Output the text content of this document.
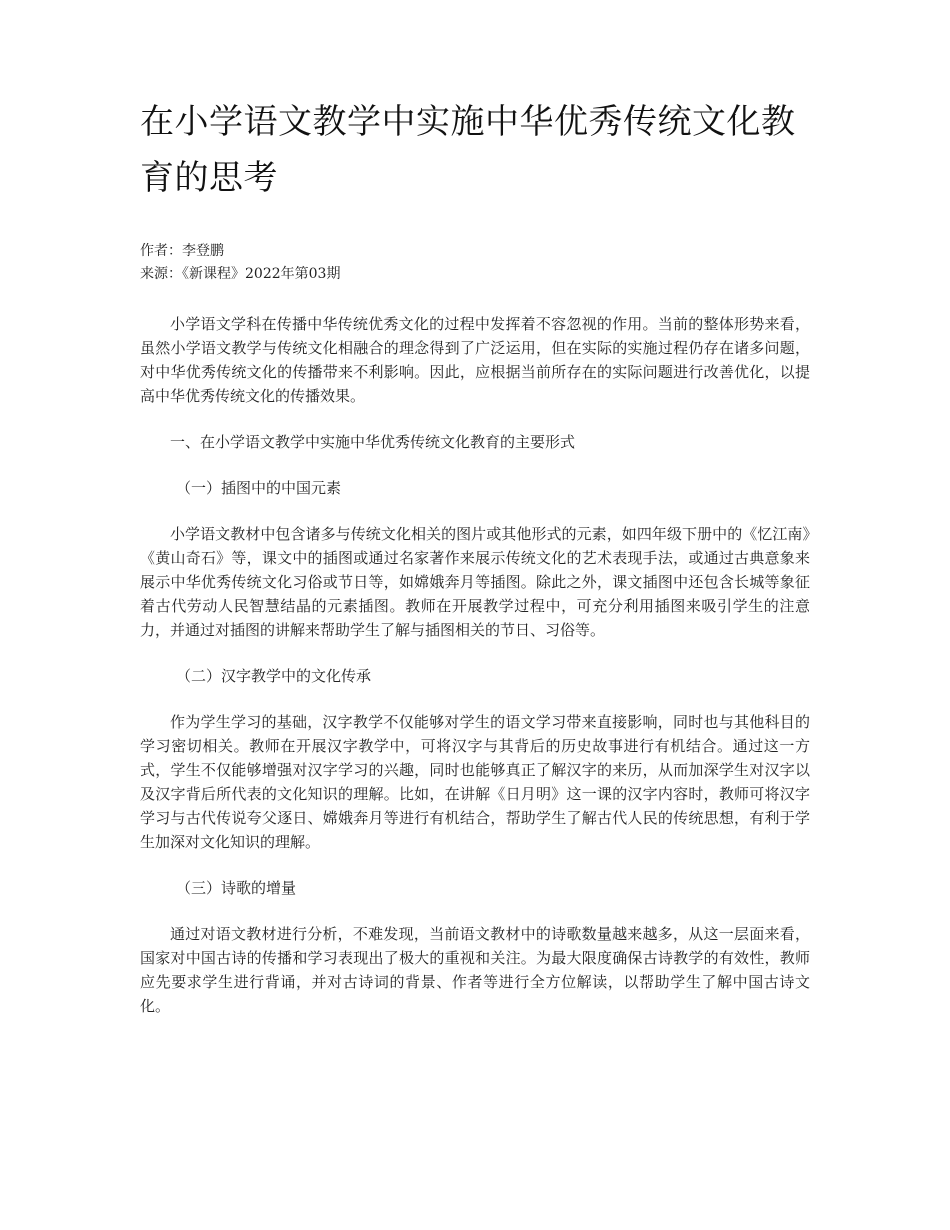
在小学语文教学中实施中华优秀传统文化教育的思考
作者：李登鹏
来源：《新课程》2022年第03期

小学语文学科在传播中华传统优秀文化的过程中发挥着不容忽视的作用。当前的整体形势来看，虽然小学语文教学与传统文化相融合的理念得到了广泛运用，但在实际的实施过程仍存在诸多问题，对中华优秀传统文化的传播带来不利影响。因此，应根据当前所存在的实际问题进行改善优化，以提高中华优秀传统文化的传播效果。

一、在小学语文教学中实施中华优秀传统文化教育的主要形式

（一）插图中的中国元素

小学语文教材中包含诸多与传统文化相关的图片或其他形式的元素，如四年级下册中的《忆江南》《黄山奇石》等，课文中的插图或通过名家著作来展示传统文化的艺术表现手法，或通过古典意象来展示中华优秀传统文化习俗或节日等，如嫦娥奔月等插图。除此之外，课文插图中还包含长城等象征着古代劳动人民智慧结晶的元素插图。教师在开展教学过程中，可充分利用插图来吸引学生的注意力，并通过对插图的讲解来帮助学生了解与插图相关的节日、习俗等。

（二）汉字教学中的文化传承

作为学生学习的基础，汉字教学不仅能够对学生的语文学习带来直接影响，同时也与其他科目的学习密切相关。教师在开展汉字教学中，可将汉字与其背后的历史故事进行有机结合。通过这一方式，学生不仅能够增强对汉字学习的兴趣，同时也能够真正了解汉字的来历，从而加深学生对汉字以及汉字背后所代表的文化知识的理解。比如，在讲解《日月明》这一课的汉字内容时，教师可将汉字学习与古代传说夸父逐日、嫦娥奔月等进行有机结合，帮助学生了解古代人民的传统思想，有利于学生加深对文化知识的理解。

（三）诗歌的增量

通过对语文教材进行分析，不难发现，当前语文教材中的诗歌数量越来越多，从这一层面来看，国家对中国古诗的传播和学习表现出了极大的重视和关注。为最大限度确保古诗教学的有效性，教师应先要求学生进行背诵，并对古诗词的背景、作者等进行全方位解读，以帮助学生了解中国古诗文化。
